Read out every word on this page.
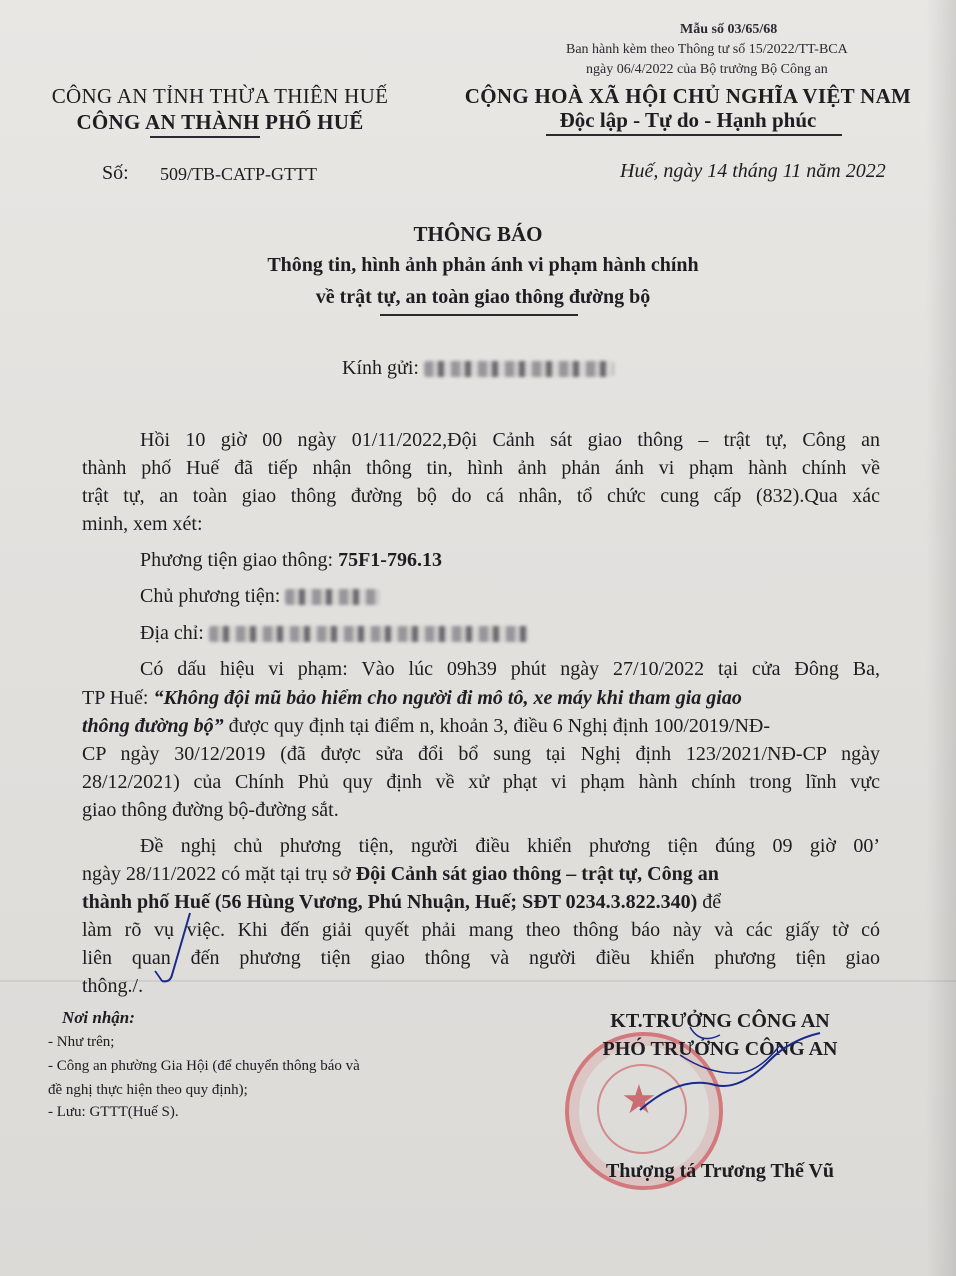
Mẫu số 03/65/68
Ban hành kèm theo Thông tư số 15/2022/TT-BCA
ngày 06/4/2022 của Bộ trưởng Bộ Công an
CÔNG AN TỈNH THỪA THIÊN HUẾ
CÔNG AN THÀNH PHỐ HUẾ
CỘNG HOÀ XÃ HỘI CHỦ NGHĨA VIỆT NAM
Độc lập - Tự do - Hạnh phúc
Số: 509/TB-CATP-GTTT	Huế, ngày 14 tháng 11 năm 2022
THÔNG BÁO
Thông tin, hình ảnh phản ánh vi phạm hành chính
về trật tự, an toàn giao thông đường bộ
Kính gửi:
Hồi 10 giờ 00 ngày 01/11/2022,Đội Cảnh sát giao thông – trật tự, Công an
thành phố Huế đã tiếp nhận thông tin, hình ảnh phản ánh vi phạm hành chính về
trật tự, an toàn giao thông đường bộ do cá nhân, tổ chức cung cấp (832).Qua xác
minh, xem xét:
Phương tiện giao thông: 75F1-796.13
Chủ phương tiện:
Địa chỉ:
Có dấu hiệu vi phạm: Vào lúc 09h39 phút ngày 27/10/2022 tại cửa Đông Ba,
TP Huế: “Không đội mũ bảo hiểm cho người đi mô tô, xe máy khi tham gia giao
thông đường bộ” được quy định tại điểm n, khoản 3, điều 6 Nghị định 100/2019/NĐ-
CP ngày 30/12/2019 (đã được sửa đổi bổ sung tại Nghị định 123/2021/NĐ-CP ngày
28/12/2021) của Chính Phủ quy định về xử phạt vi phạm hành chính trong lĩnh vực
giao thông đường bộ-đường sắt.
Đề nghị chủ phương tiện, người điều khiển phương tiện đúng 09 giờ 00’
ngày 28/11/2022 có mặt tại trụ sở Đội Cảnh sát giao thông – trật tự, Công an
thành phố Huế (56 Hùng Vương, Phú Nhuận, Huế; SĐT 0234.3.822.340) để
làm rõ vụ việc. Khi đến giải quyết phải mang theo thông báo này và các giấy tờ có
liên quan đến phương tiện giao thông và người điều khiển phương tiện giao
thông./.
Nơi nhận:
- Như trên;
- Công an phường Gia Hội (để chuyển thông báo và
đề nghị thực hiện theo quy định);
- Lưu: GTTT(Huế S).	★
KT.TRƯỞNG CÔNG AN
PHÓ TRƯỞNG CÔNG AN
Thượng tá Trương Thế Vũ
